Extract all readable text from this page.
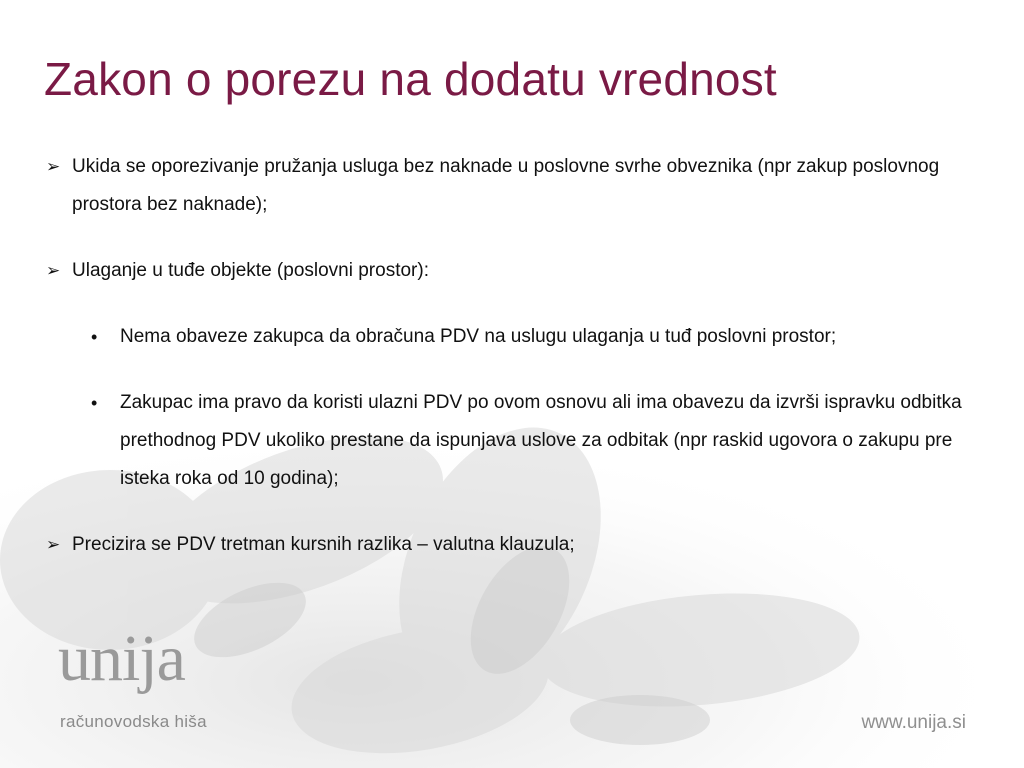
Zakon o porezu na dodatu vrednost
➢ Ukida se oporezivanje pružanja usluga bez naknade u poslovne svrhe obveznika (npr zakup poslovnog prostora bez naknade);
➢ Ulaganje u tuđe objekte (poslovni prostor):
• Nema obaveze zakupca da obračuna PDV na uslugu ulaganja u tuđ poslovni prostor;
• Zakupac ima pravo da koristi ulazni PDV po ovom osnovu ali ima obavezu da izvrši ispravku odbitka prethodnog PDV ukoliko prestane da ispunjava uslove za odbitak (npr raskid ugovora o zakupu pre isteka roka od 10 godina);
➢ Precizira se PDV tretman kursnih razlika – valutna klauzula;
unija
računovodska hiša	www.unija.si
